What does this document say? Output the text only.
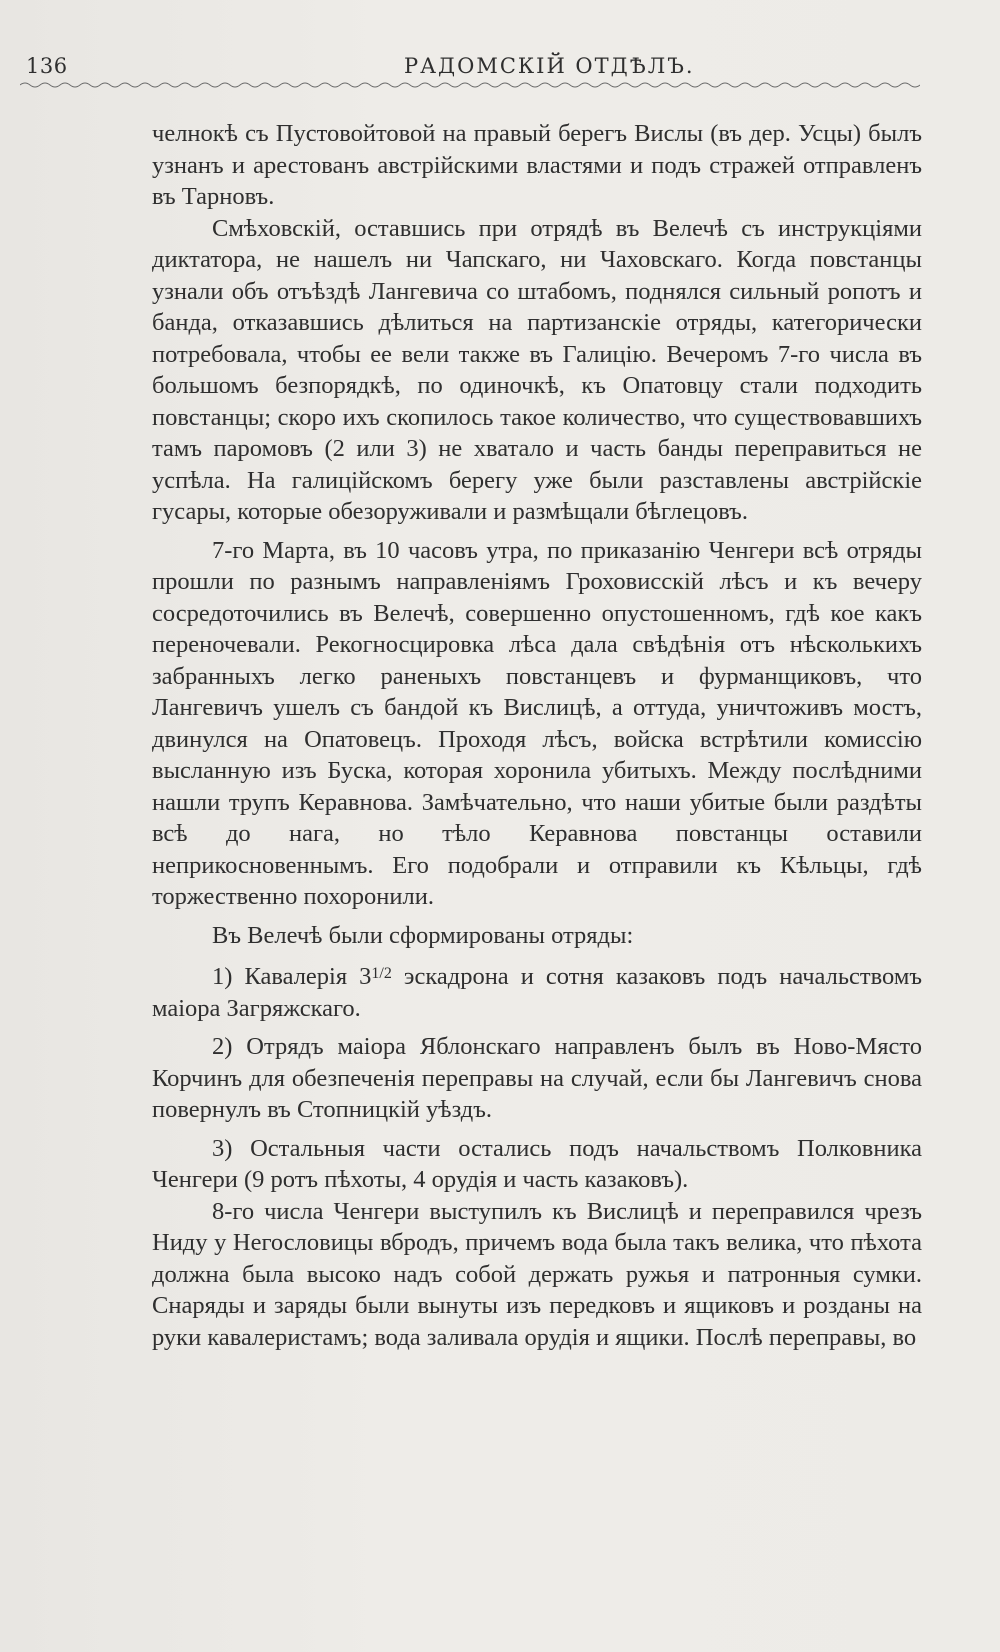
136	РАДОМСКІЙ ОТДѢЛЪ.

челнокѣ съ Пустовойтовой на правый берегъ Вислы (въ дер. Усцы) былъ узнанъ и арестованъ австрійскими властями и подъ стражей отправленъ въ Тарновъ.

Смѣховскій, оставшись при отрядѣ въ Велечѣ съ инструкціями диктатора, не нашелъ ни Чапскаго, ни Чаховскаго. Когда повстанцы узнали объ отъѣздѣ Лангевича со штабомъ, поднялся сильный ропотъ и банда, отказавшись дѣлиться на партизанскіе отряды, категорически потребовала, чтобы ее вели также въ Галицію. Вечеромъ 7-го числа въ большомъ безпорядкѣ, по одиночкѣ, къ Опатовцу стали подходить повстанцы; скоро ихъ скопилось такое количество, что существовавшихъ тамъ паромовъ (2 или 3) не хватало и часть банды переправиться не успѣла. На галиційскомъ берегу уже были разставлены австрійскіе гусары, которые обезоруживали и размѣщали бѣглецовъ.

7-го Марта, въ 10 часовъ утра, по приказанію Ченгери всѣ отряды прошли по разнымъ направленіямъ Гроховисскій лѣсъ и къ вечеру сосредоточились въ Велечѣ, совершенно опустошенномъ, гдѣ кое какъ переночевали. Рекогносцировка лѣса дала свѣдѣнія отъ нѣсколькихъ забранныхъ легко раненыхъ повстанцевъ и фурманщиковъ, что Лангевичъ ушелъ съ бандой къ Вислицѣ, а оттуда, уничтоживъ мостъ, двинулся на Опатовецъ. Проходя лѣсъ, войска встрѣтили комиссію высланную изъ Буска, которая хоронила убитыхъ. Между послѣдними нашли трупъ Керавнова. Замѣчательно, что наши убитые были раздѣты всѣ до нага, но тѣло Керавнова повстанцы оставили неприкосновеннымъ. Его подобрали и отправили къ Кѣльцы, гдѣ торжественно похоронили.

Въ Велечѣ были сформированы отряды:

1) Кавалерія $3^{1/2}$ эскадрона и сотня казаковъ подъ начальствомъ маіора Загряжскаго.

2) Отрядъ маіора Яблонскаго направленъ былъ въ Ново-Място Корчинъ для обезпеченія переправы на случай, если бы Лангевичъ снова повернулъ въ Стопницкій уѣздъ.

3) Остальныя части остались подъ начальствомъ Полковника Ченгери (9 ротъ пѣхоты, 4 орудія и часть казаковъ).

8-го числа Ченгери выступилъ къ Вислицѣ и переправился чрезъ Ниду у Негословицы вбродъ, причемъ вода была такъ велика, что пѣхота должна была высоко надъ собой держать ружья и патронныя сумки. Снаряды и заряды были вынуты изъ передковъ и ящиковъ и розданы на руки кавалеристамъ; вода заливала орудія и ящики. Послѣ переправы, во
